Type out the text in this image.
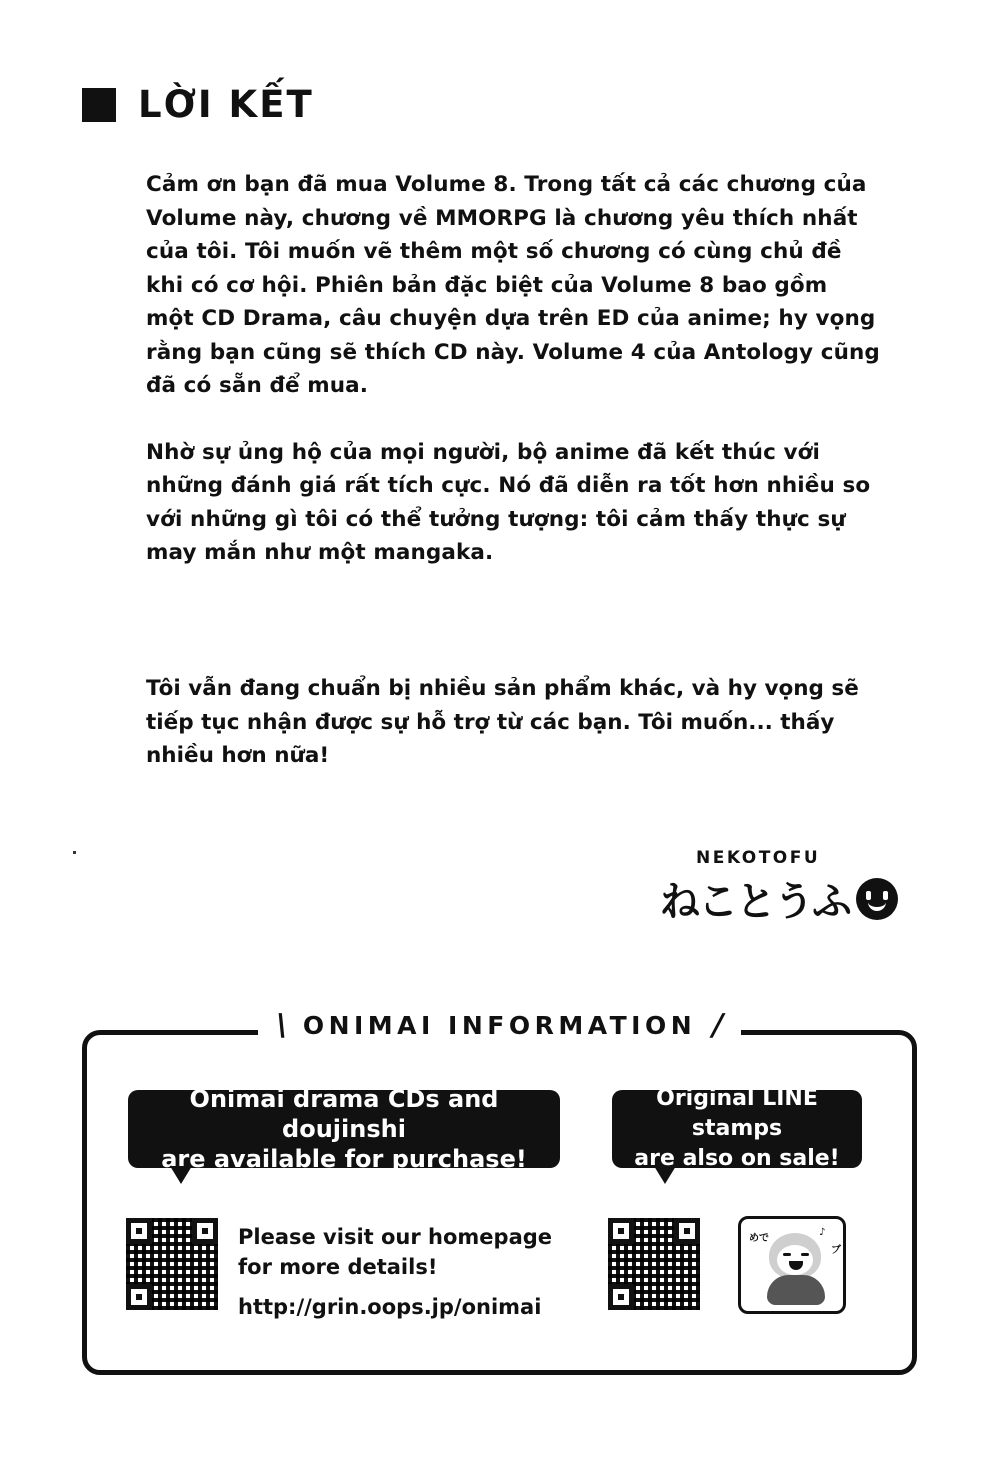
LỜI KẾT

Cảm ơn bạn đã mua Volume 8. Trong tất cả các chương của Volume này, chương về MMORPG là chương yêu thích nhất của tôi. Tôi muốn vẽ thêm một số chương có cùng chủ đề khi có cơ hội. Phiên bản đặc biệt của Volume 8 bao gồm một CD Drama, câu chuyện dựa trên ED của anime; hy vọng rằng bạn cũng sẽ thích CD này. Volume 4 của Antology cũng đã có sẵn để mua.

Nhờ sự ủng hộ của mọi người, bộ anime đã kết thúc với những đánh giá rất tích cực. Nó đã diễn ra tốt hơn nhiều so với những gì tôi có thể tưởng tượng: tôi cảm thấy thực sự may mắn như một mangaka.

Tôi vẫn đang chuẩn bị nhiều sản phẩm khác, và hy vọng sẽ tiếp tục nhận được sự hỗ trợ từ các bạn. Tôi muốn... thấy nhiều hơn nữa!

NEKOTOFU
ねことうふ
\ ONIMAI INFORMATION /
Onimai drama CDs and doujinshi
are available for purchase!
Original LINE stamps
are also on sale!
Please visit our homepage
for more details!
http://grin.oops.jp/onimai
めで
♪
ブ
